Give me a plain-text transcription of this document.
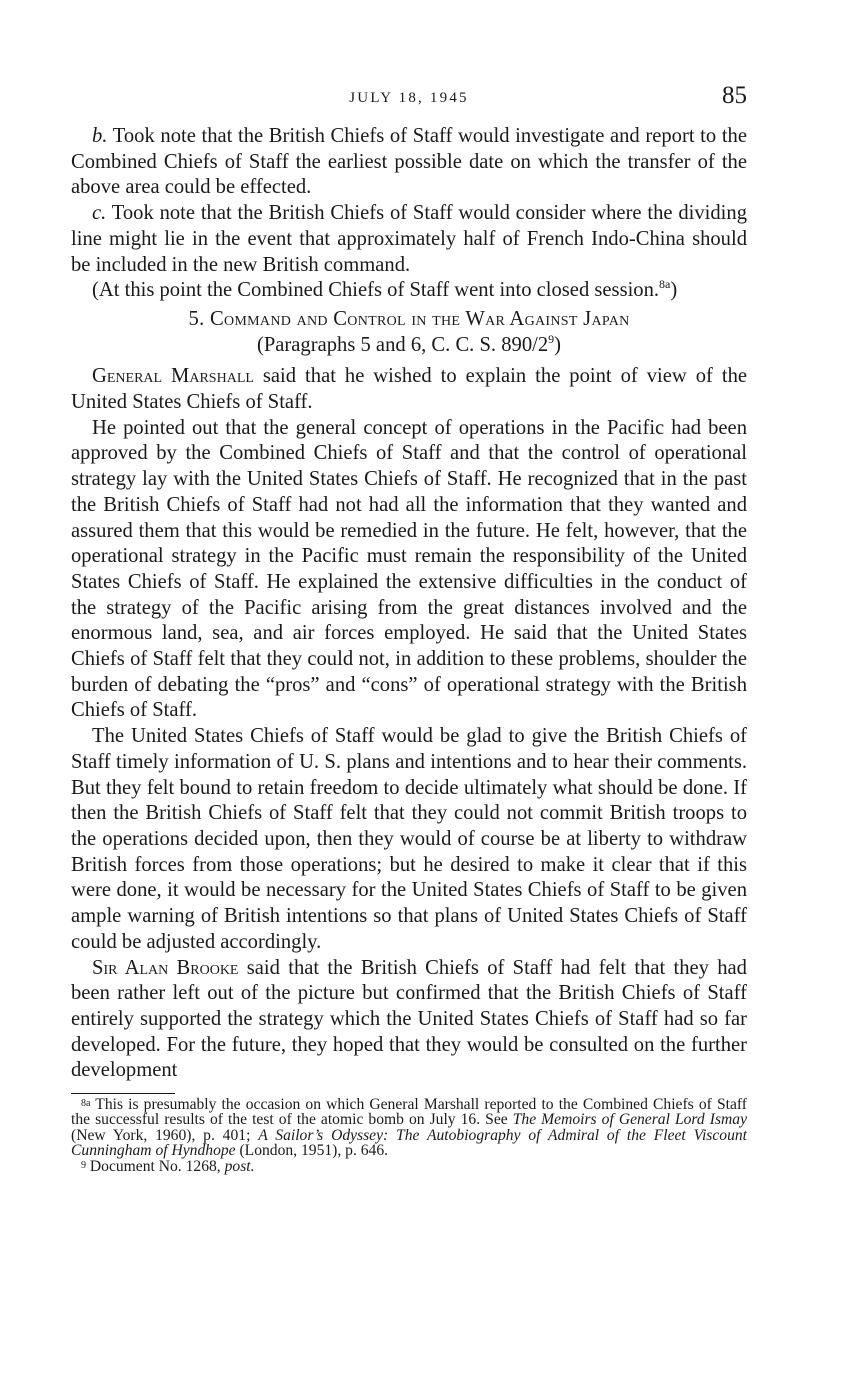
JULY 18, 1945	85

b. Took note that the British Chiefs of Staff would investigate and report to the Combined Chiefs of Staff the earliest possible date on which the transfer of the above area could be effected.

c. Took note that the British Chiefs of Staff would consider where the dividing line might lie in the event that approximately half of French Indo-China should be included in the new British command.

(At this point the Combined Chiefs of Staff went into closed session.$^{8a}$)

5. Command and Control in the War Against Japan
(Paragraphs 5 and 6, C. C. S. $890/2^9$)

General Marshall said that he wished to explain the point of view of the United States Chiefs of Staff.

He pointed out that the general concept of operations in the Pacific had been approved by the Combined Chiefs of Staff and that the control of operational strategy lay with the United States Chiefs of Staff. He recognized that in the past the British Chiefs of Staff had not had all the information that they wanted and assured them that this would be remedied in the future. He felt, however, that the operational strategy in the Pacific must remain the responsibility of the United States Chiefs of Staff. He explained the extensive difficulties in the conduct of the strategy of the Pacific arising from the great distances involved and the enormous land, sea, and air forces employed. He said that the United States Chiefs of Staff felt that they could not, in addition to these problems, shoulder the burden of debating the “pros” and “cons” of operational strategy with the British Chiefs of Staff.

The United States Chiefs of Staff would be glad to give the British Chiefs of Staff timely information of U. S. plans and intentions and to hear their comments. But they felt bound to retain freedom to decide ultimately what should be done. If then the British Chiefs of Staff felt that they could not commit British troops to the operations decided upon, then they would of course be at liberty to withdraw British forces from those operations; but he desired to make it clear that if this were done, it would be necessary for the United States Chiefs of Staff to be given ample warning of British intentions so that plans of United States Chiefs of Staff could be adjusted accordingly.

Sir Alan Brooke said that the British Chiefs of Staff had felt that they had been rather left out of the picture but confirmed that the British Chiefs of Staff entirely supported the strategy which the United States Chiefs of Staff had so far developed. For the future, they hoped that they would be consulted on the further development

$^{8a}$ This is presumably the occasion on which General Marshall reported to the Combined Chiefs of Staff the successful results of the test of the atomic bomb on July 16. See The Memoirs of General Lord Ismay (New York, 1960), p. 401; A Sailor’s Odyssey: The Autobiography of Admiral of the Fleet Viscount Cunningham of Hyndhope (London, 1951), p. 646.

$^9$ Document No. 1268, post.
